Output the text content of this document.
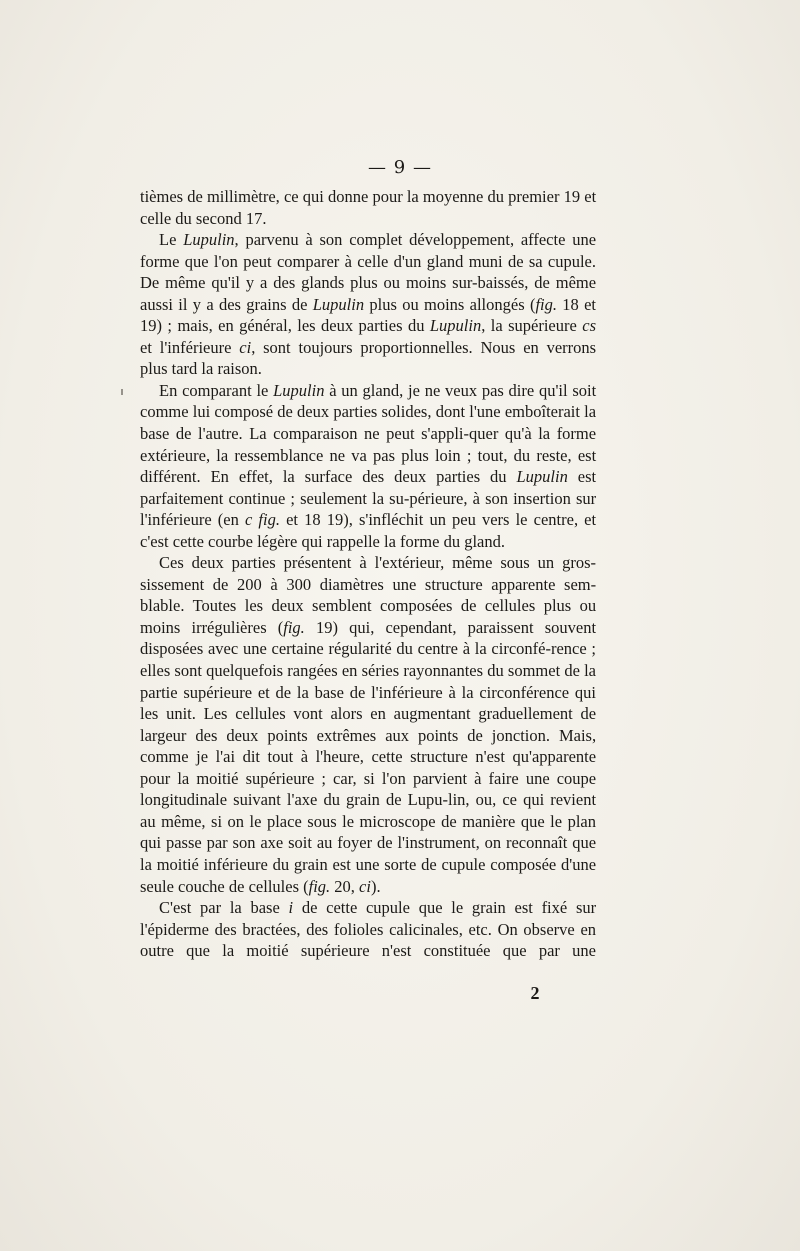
— 9 —

tièmes de millimètre, ce qui donne pour la moyenne du premier 19 et celle du second 17.

Le Lupulin, parvenu à son complet développement, affecte une forme que l'on peut comparer à celle d'un gland muni de sa cupule. De même qu'il y a des glands plus ou moins sur-baissés, de même aussi il y a des grains de Lupulin plus ou moins allongés (fig. 18 et 19) ; mais, en général, les deux parties du Lupulin, la supérieure cs et l'inférieure ci, sont toujours proportionnelles. Nous en verrons plus tard la raison.

En comparant le Lupulin à un gland, je ne veux pas dire qu'il soit comme lui composé de deux parties solides, dont l'une emboîterait la base de l'autre. La comparaison ne peut s'appli-quer qu'à la forme extérieure, la ressemblance ne va pas plus loin ; tout, du reste, est différent. En effet, la surface des deux parties du Lupulin est parfaitement continue ; seulement la su-périeure, à son insertion sur l'inférieure (en c fig. et 18 19), s'infléchit un peu vers le centre, et c'est cette courbe légère qui rappelle la forme du gland.

Ces deux parties présentent à l'extérieur, même sous un gros-sissement de 200 à 300 diamètres une structure apparente sem-blable. Toutes les deux semblent composées de cellules plus ou moins irrégulières (fig. 19) qui, cependant, paraissent souvent disposées avec une certaine régularité du centre à la circonfé-rence ; elles sont quelquefois rangées en séries rayonnantes du sommet de la partie supérieure et de la base de l'inférieure à la circonférence qui les unit. Les cellules vont alors en augmentant graduellement de largeur des deux points extrêmes aux points de jonction. Mais, comme je l'ai dit tout à l'heure, cette structure n'est qu'apparente pour la moitié supérieure ; car, si l'on parvient à faire une coupe longitudinale suivant l'axe du grain de Lupu-lin, ou, ce qui revient au même, si on le place sous le microscope de manière que le plan qui passe par son axe soit au foyer de l'instrument, on reconnaît que la moitié inférieure du grain est une sorte de cupule composée d'une seule couche de cellules (fig. 20, ci).

C'est par la base i de cette cupule que le grain est fixé sur l'épiderme des bractées, des folioles calicinales, etc. On observe en outre que la moitié supérieure n'est constituée que par une

2
